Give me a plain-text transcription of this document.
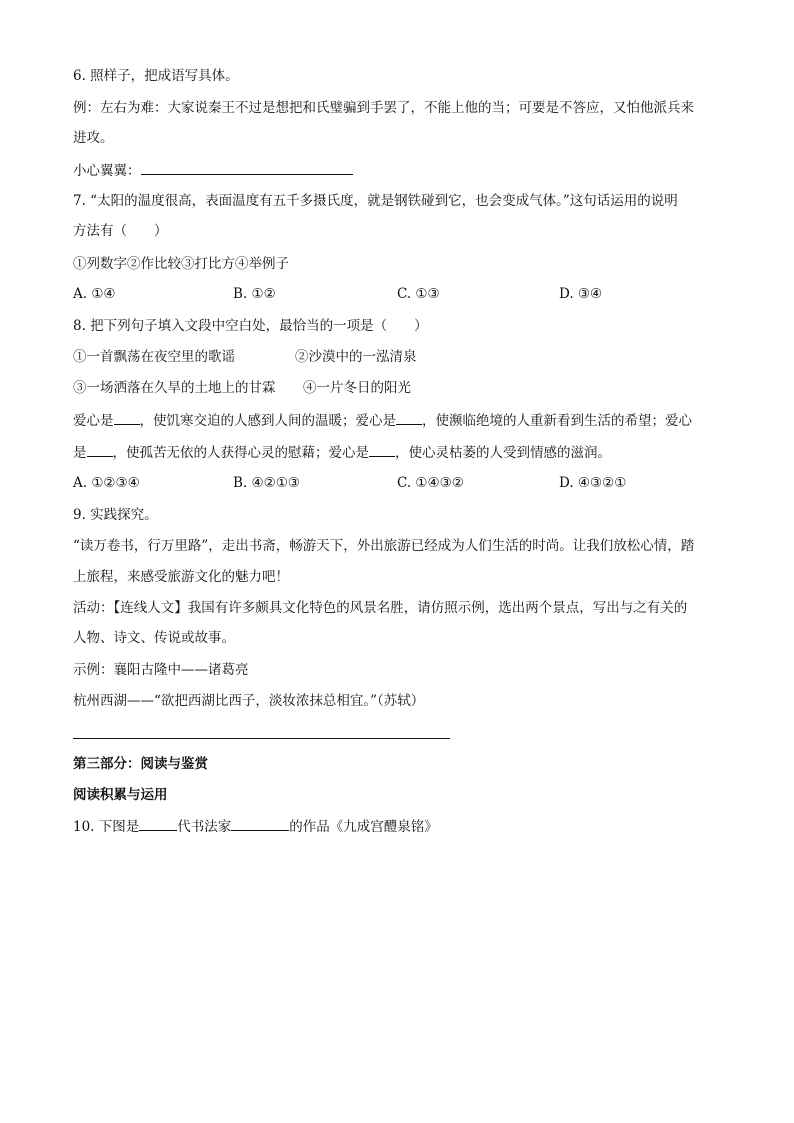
6. 照样子，把成语写具体。
例：左右为难：大家说秦王不过是想把和氏璧骗到手罢了，不能上他的当；可要是不答应，又怕他派兵来
进攻。
小心翼翼：
7. “太阳的温度很高，表面温度有五千多摄氏度，就是钢铁碰到它，也会变成气体。”这句话运用的说明
方法有（　　）
①列数字②作比较③打比方④举例子
A. ①④	B. ①②	C. ①③	D. ③④
8. 把下列句子填入文段中空白处，最恰当的一项是（　　）
①一首飘荡在夜空里的歌谣	②沙漠中的一泓清泉
③一场洒落在久旱的土地上的甘霖 ④一片冬日的阳光
爱心是 ，使饥寒交迫的人感到人间的温暖；爱心是 ，使濒临绝境的人重新看到生活的希望；爱心
是 ，使孤苦无依的人获得心灵的慰藉；爱心是 ，使心灵枯萎的人受到情感的滋润。
A. ①②③④	B. ④②①③	C. ①④③②	D. ④③②①
9. 实践探究。
“读万卷书，行万里路”，走出书斋，畅游天下，外出旅游已经成为人们生活的时尚。让我们放松心情，踏
上旅程，来感受旅游文化的魅力吧！
活动：【连线人文】我国有许多颇具文化特色的风景名胜，请仿照示例，选出两个景点，写出与之有关的
人物、诗文、传说或故事。
示例：襄阳古隆中——诸葛亮
杭州西湖——“欲把西湖比西子，淡妆浓抹总相宜。”（苏轼）
第三部分：阅读与鉴赏
阅读积累与运用
10. 下图是	代书法家	的作品《九成宫醴泉铭》
